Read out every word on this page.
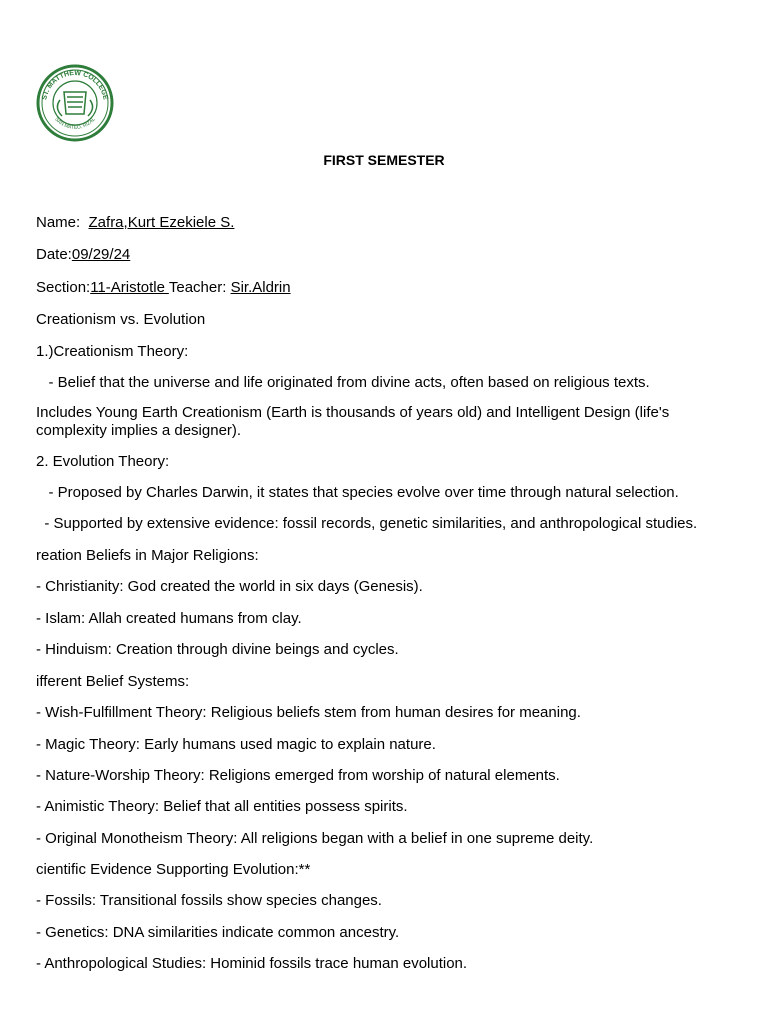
ST. MATTHEW COLLEGE
SAN MATEO, RIZAL
FIRST SEMESTER
Name:  Zafra,Kurt Ezekiele S.
Date:09/29/24
Section:11-Aristotle Teacher: Sir.Aldrin
Creationism vs. Evolution
1.)Creationism Theory:
- Belief that the universe and life originated from divine acts, often based on religious texts.
Includes Young Earth Creationism (Earth is thousands of years old) and Intelligent Design (life's complexity implies a designer).
2. Evolution Theory:
- Proposed by Charles Darwin, it states that species evolve over time through natural selection.
- Supported by extensive evidence: fossil records, genetic similarities, and anthropological studies.
reation Beliefs in Major Religions:
- Christianity: God created the world in six days (Genesis).
- Islam: Allah created humans from clay.
- Hinduism: Creation through divine beings and cycles.
ifferent Belief Systems:
- Wish-Fulfillment Theory: Religious beliefs stem from human desires for meaning.
- Magic Theory: Early humans used magic to explain nature.
- Nature-Worship Theory: Religions emerged from worship of natural elements.
- Animistic Theory: Belief that all entities possess spirits.
- Original Monotheism Theory: All religions began with a belief in one supreme deity.
cientific Evidence Supporting Evolution:**
- Fossils: Transitional fossils show species changes.
- Genetics: DNA similarities indicate common ancestry.
- Anthropological Studies: Hominid fossils trace human evolution.
